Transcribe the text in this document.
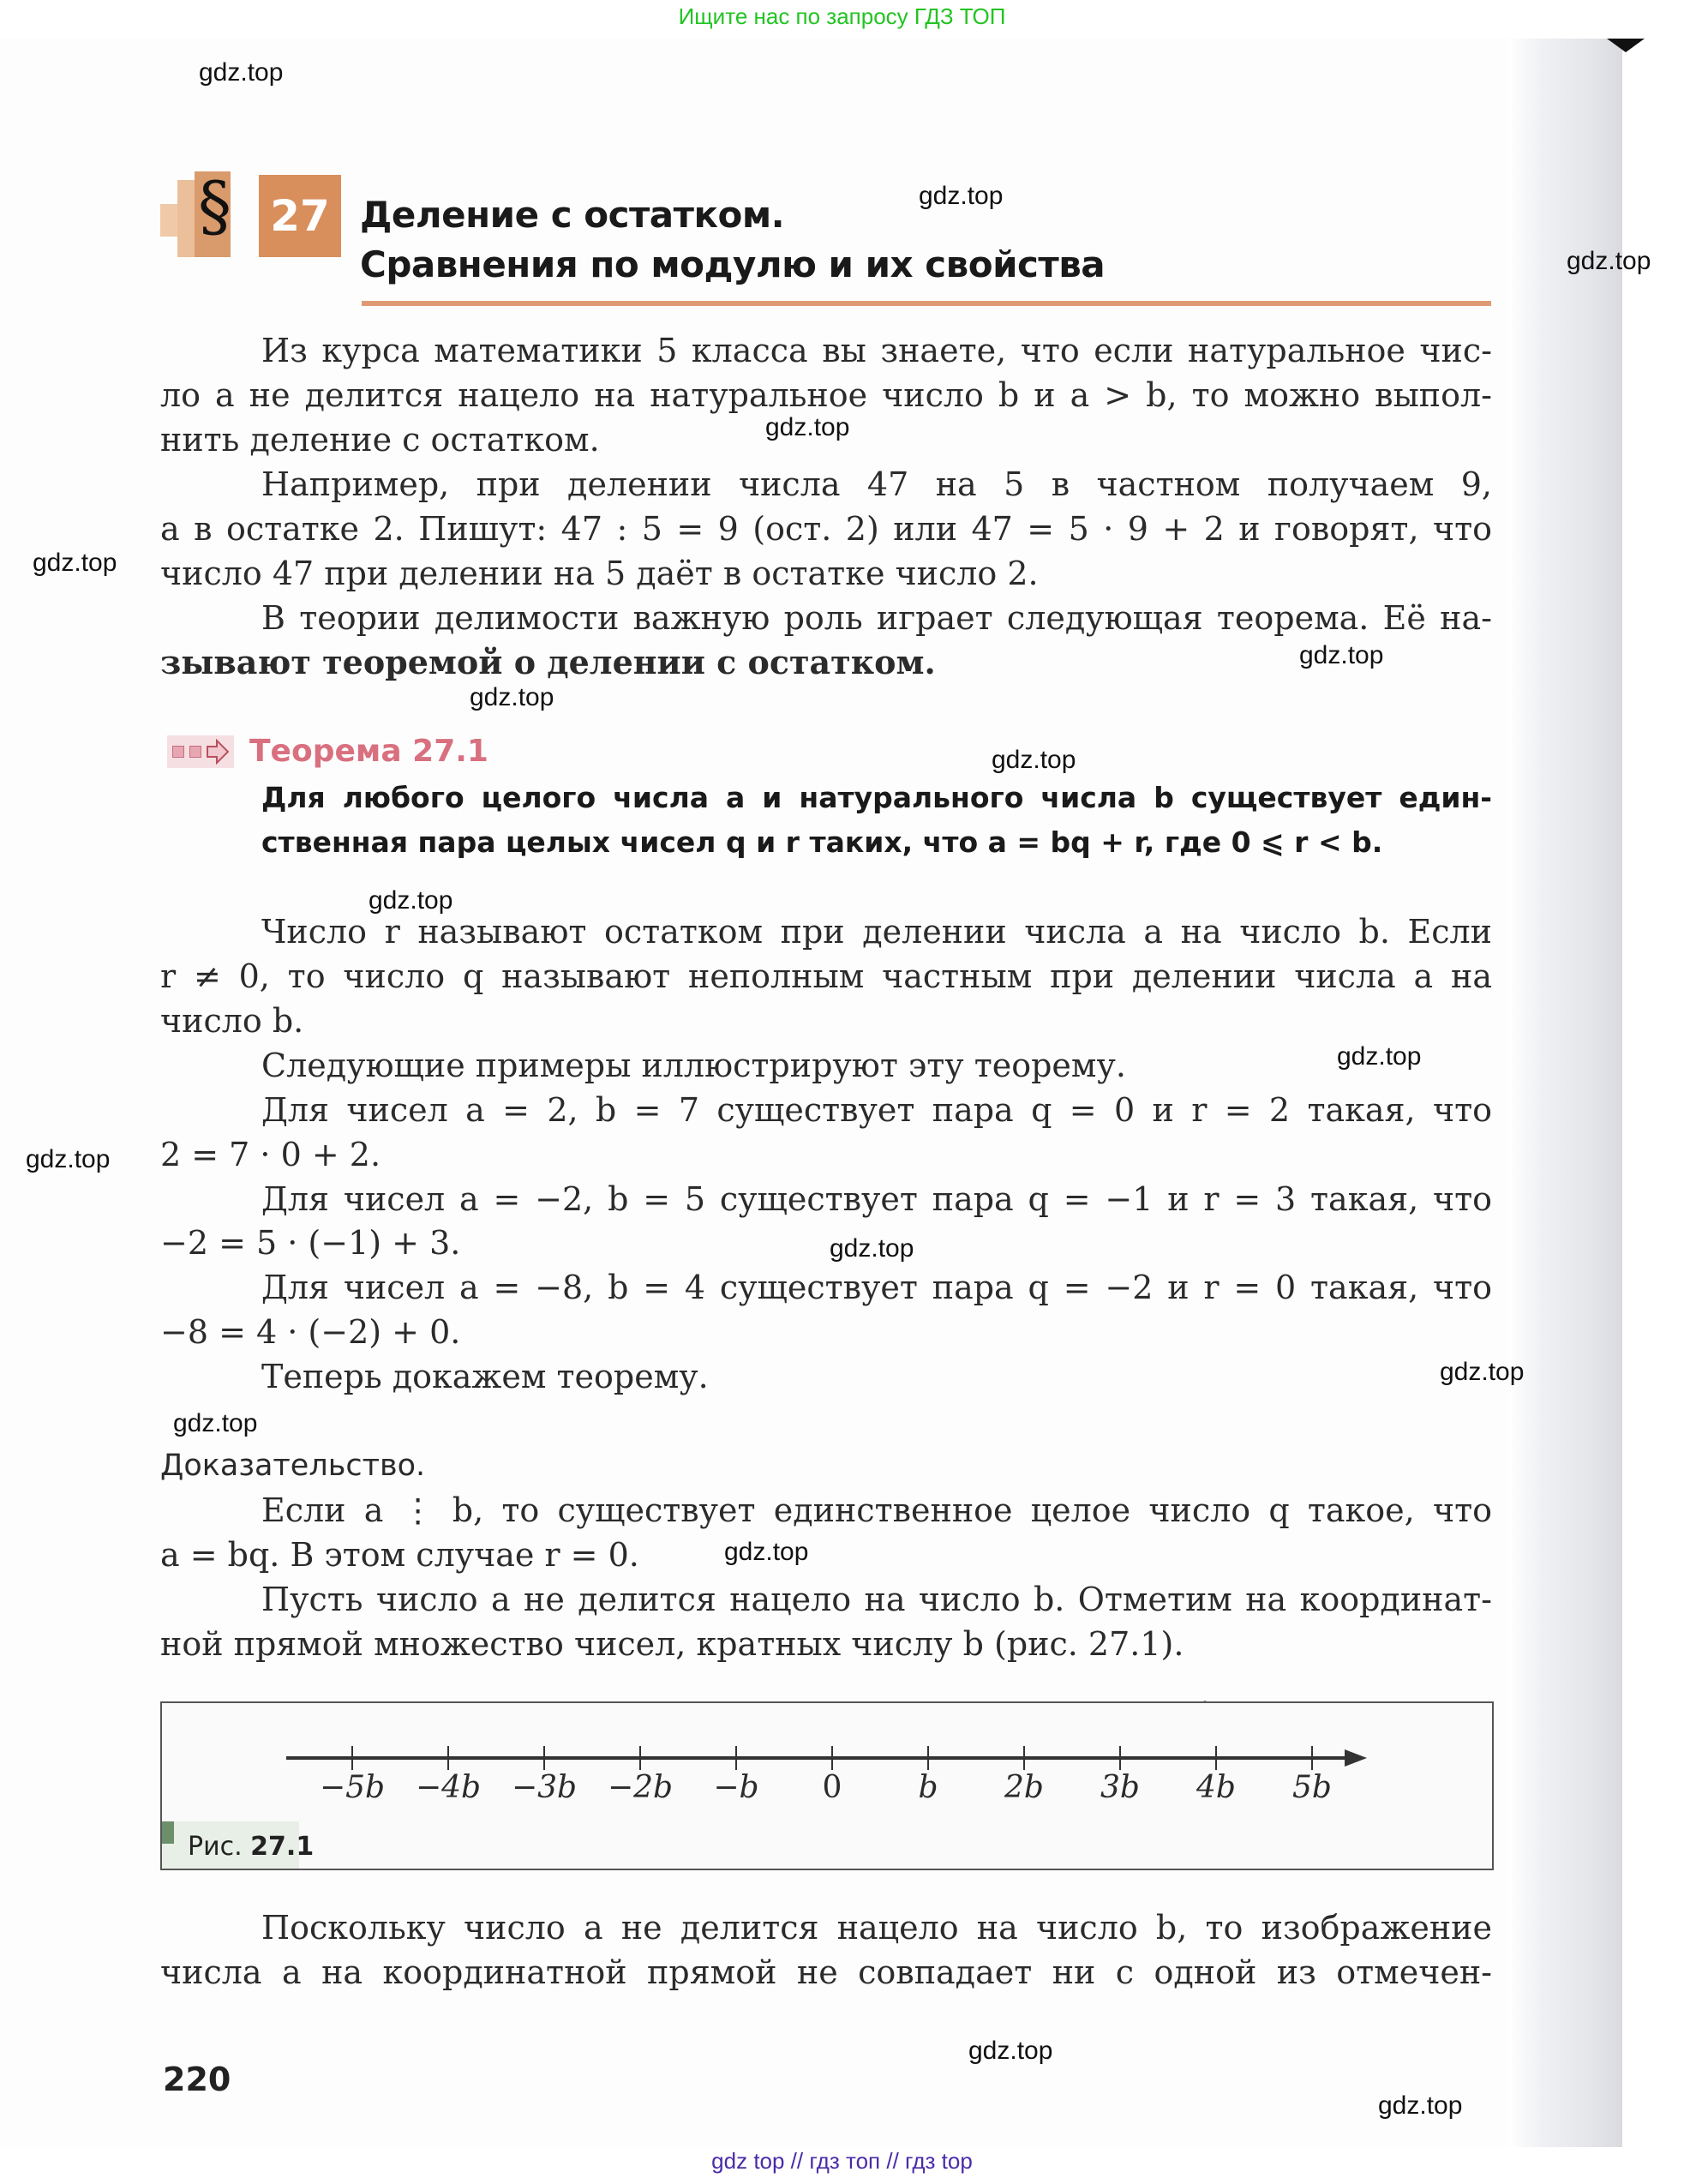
Ищите нас по запросу ГДЗ ТОП
gdz.top
gdz.top
gdz.top
gdz.top
gdz.top
gdz.top
gdz.top
gdz.top
gdz.top
gdz.top
gdz.top
gdz.top
gdz.top
gdz.top
gdz.top
gdz.top
gdz.top
§ 27 Деление с остатком.
Сравнения по модулю и их свойства
Из курса математики 5 класса вы знаете, что если натуральное чис-
ло a не делится нацело на натуральное число b и a > b, то можно выпол-
нить деление с остатком.
Например, при делении числа 47 на 5 в частном получаем 9,
а в остатке 2. Пишут: 47 : 5 = 9 (ост. 2) или 47 = 5 · 9 + 2 и говорят, что
число 47 при делении на 5 даёт в остатке число 2.
В теории делимости важную роль играет следующая теорема. Её на-
зывают теоремой о делении с остатком.
Теорема 27.1
Для любого целого числа a и натурального числа b существует един-
ственная пара целых чисел q и r таких, что a = bq + r, где 0 ⩽ r < b.
Число r называют остатком при делении числа a на число b. Если
r ≠ 0, то число q называют неполным частным при делении числа a на
число b.
Следующие примеры иллюстрируют эту теорему.
Для чисел a = 2, b = 7 существует пара q = 0 и r = 2 такая, что
2 = 7 · 0 + 2.
Для чисел a = −2, b = 5 существует пара q = −1 и r = 3 такая, что
−2 = 5 · (−1) + 3.
Для чисел a = −8, b = 4 существует пара q = −2 и r = 0 такая, что
−8 = 4 · (−2) + 0.
Теперь докажем теорему.
Доказательство.
Если a ⋮ b, то существует единственное целое число q такое, что
a = bq. В этом случае r = 0.
Пусть число a не делится нацело на число b. Отметим на координат-
ной прямой множество чисел, кратных числу b (рис. 27.1).
−5b −4b −3b −2b −b 0 b 2b 3b 4b 5b
Рис. 27.1
Поскольку число a не делится нацело на число b, то изображение
числа a на координатной прямой не совпадает ни с одной из отмечен-
220
gdz top // гдз топ // гдз top
